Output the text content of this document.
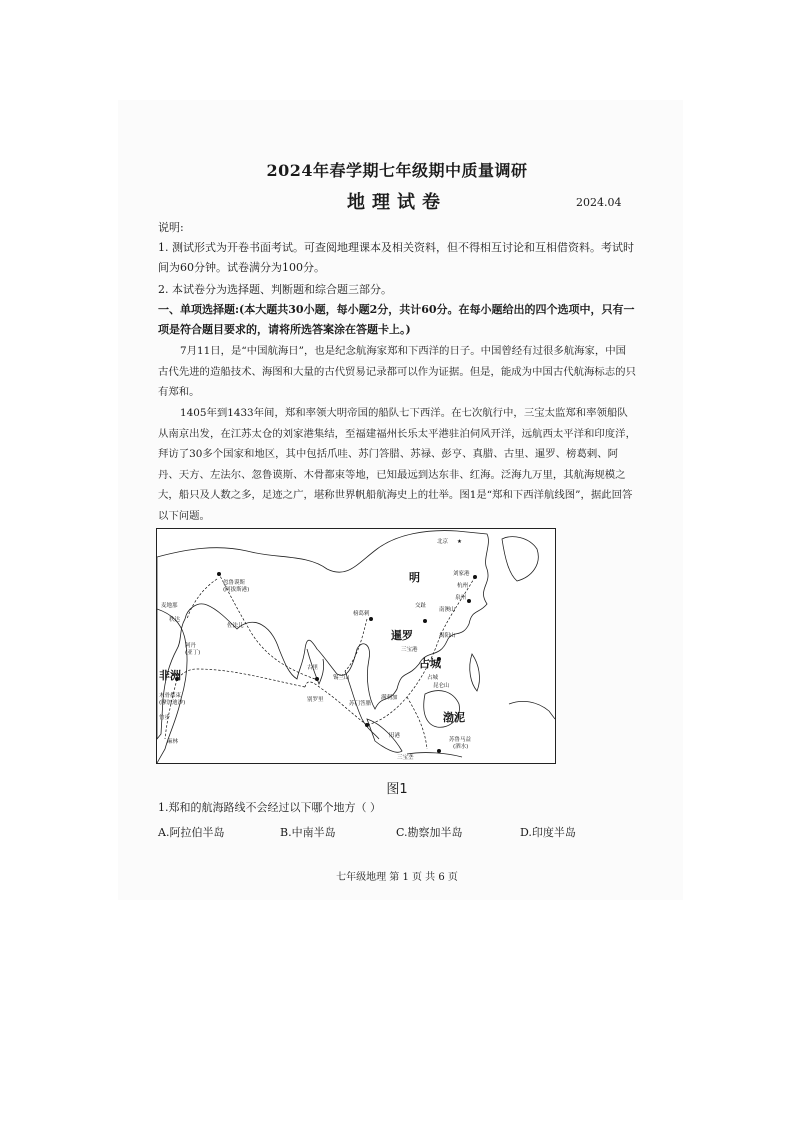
2024年春学期七年级期中质量调研
地理试卷	2024.04
说明:
1. 测试形式为开卷书面考试。可查阅地理课本及相关资料，但不得相互讨论和互相借资料。考试时间为60分钟。试卷满分为100分。
2. 本试卷分为选择题、判断题和综合题三部分。
一、单项选择题:(本大题共30小题，每小题2分，共计60分。在每小题给出的四个选项中，只有一项是符合题目要求的，请将所选答案涂在答题卡上。)
7月11日，是“中国航海日”，也是纪念航海家郑和下西洋的日子。中国曾经有过很多航海家，中国古代先进的造船技术、海图和大量的古代贸易记录都可以作为证据。但是，能成为中国古代航海标志的只有郑和。
1405年到1433年间，郑和率领大明帝国的船队七下西洋。在七次航行中，三宝太监郑和率领船队从南京出发，在江苏太仓的刘家港集结，至福建福州长乐太平港驻泊伺风开洋，远航西太平洋和印度洋，拜访了30多个国家和地区，其中包括爪哇、苏门答腊、苏禄、彭亨、真腊、古里、暹罗、榜葛剌、阿丹、天方、左法尔、忽鲁谟斯、木骨都束等地，已知最远到达东非、红海。泛海九万里，其航海规模之大，船只及人数之多，足迹之广，堪称世界帆船航海史上的壮举。图1是“郑和下西洋航线图”，据此回答以下问题。
明
暹罗
占城
渤泥
非洲
北京
刘家港
杭州
泉州
南澳山
交趾
揭阳山
三宝港
占城
昆仑山
忽鲁谟斯
(阿拔斯港)
麦地那
秩达
阿丹
(亚丁)
榜葛剌
古里
锡兰山
别罗里
木骨都束
(摩加迪沙)
竹步
麻林
苏门答腊
满剌加
旧港
三宝垄
苏鲁马益
(泗水)
佐法儿
★
图1
1.郑和的航海路线不会经过以下哪个地方（ ）
A.阿拉伯半岛	B.中南半岛	C.勘察加半岛	D.印度半岛
七年级地理 第 1 页 共 6 页
